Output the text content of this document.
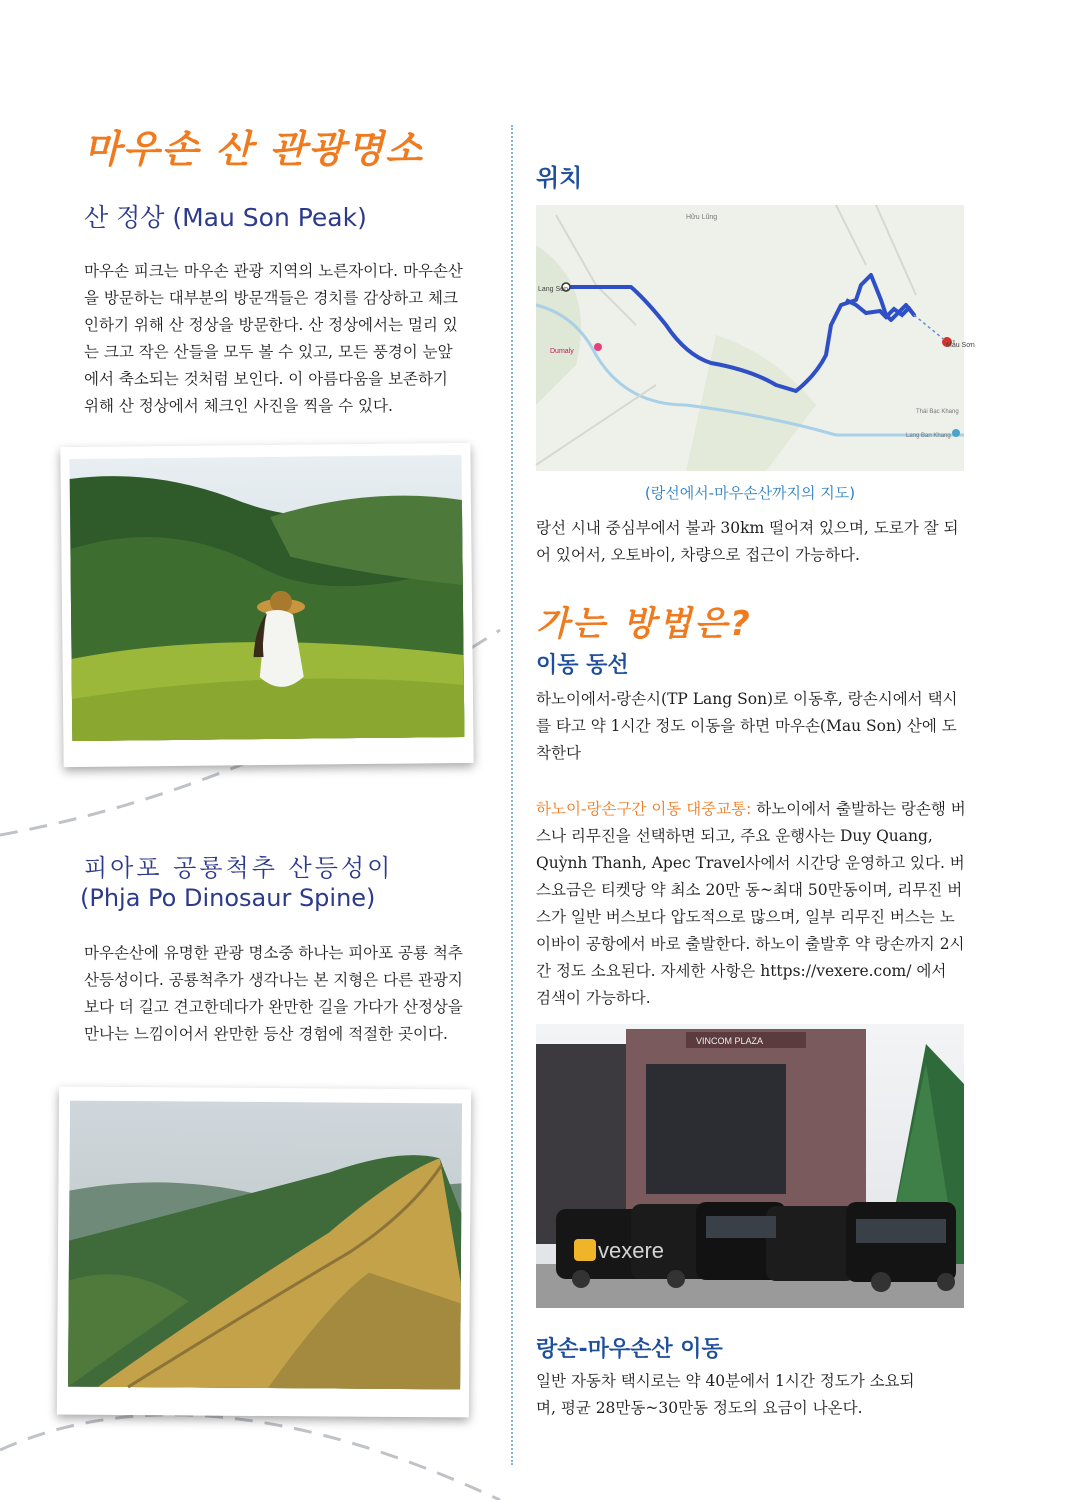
마우손 산 관광명소
산 정상 (Mau Son Peak)
마우손 피크는 마우손 관광 지역의 노른자이다. 마우손산을 방문하는 대부분의 방문객들은 경치를 감상하고 체크인하기 위해 산 정상을 방문한다. 산 정상에서는 멀리 있는 크고 작은 산들을 모두 볼 수 있고, 모든 풍경이 눈앞에서 축소되는 것처럼 보인다. 이 아름다움을 보존하기 위해 산 정상에서 체크인 사진을 찍을 수 있다.
피아포 공룡척추 산등성이
(Phja Po Dinosaur Spine)
마우손산에 유명한 관광 명소중 하나는 피아포 공룡 척추 산등성이다. 공룡척추가 생각나는 본 지형은 다른 관광지보다 더 길고 견고한데다가 완만한 길을 가다가 산정상을 만나는 느낌이어서 완만한 등산 경험에 적절한 곳이다.
위치
Hữu Lũng
Lang Son
Mẫu Sơn
Dumaly
Thái Bạc Khang
Lang Ban Khang
(랑선에서-마우손산까지의 지도)
랑선 시내 중심부에서 불과 30km 떨어져 있으며, 도로가 잘 되어 있어서, 오토바이, 차량으로 접근이 가능하다.
가는 방법은?
이동 동선
하노이에서-랑손시(TP Lang Son)로 이동후, 랑손시에서 택시를 타고 약 1시간 정도 이동을 하면 마우손(Mau Son) 산에 도착한다
하노이-랑손구간 이동 대중교통: 하노이에서 출발하는 랑손행 버스나 리무진을 선택하면 되고, 주요 운행사는 Duy Quang, Quỳnh Thanh, Apec Travel사에서 시간당 운영하고 있다. 버스요금은 티켓당 약 최소 20만 동~최대 50만동이며, 리무진 버스가 일반 버스보다 압도적으로 많으며, 일부 리무진 버스는 노이바이 공항에서 바로 출발한다. 하노이 출발후 약 랑손까지 2시간 정도 소요된다. 자세한 사항은 https://vexere.com/ 에서 검색이 가능하다.
VINCOM PLAZA
vexere
랑손-마우손산 이동
일반 자동차 택시로는 약 40분에서 1시간 정도가 소요되며, 평균 28만동~30만동 정도의 요금이 나온다.
